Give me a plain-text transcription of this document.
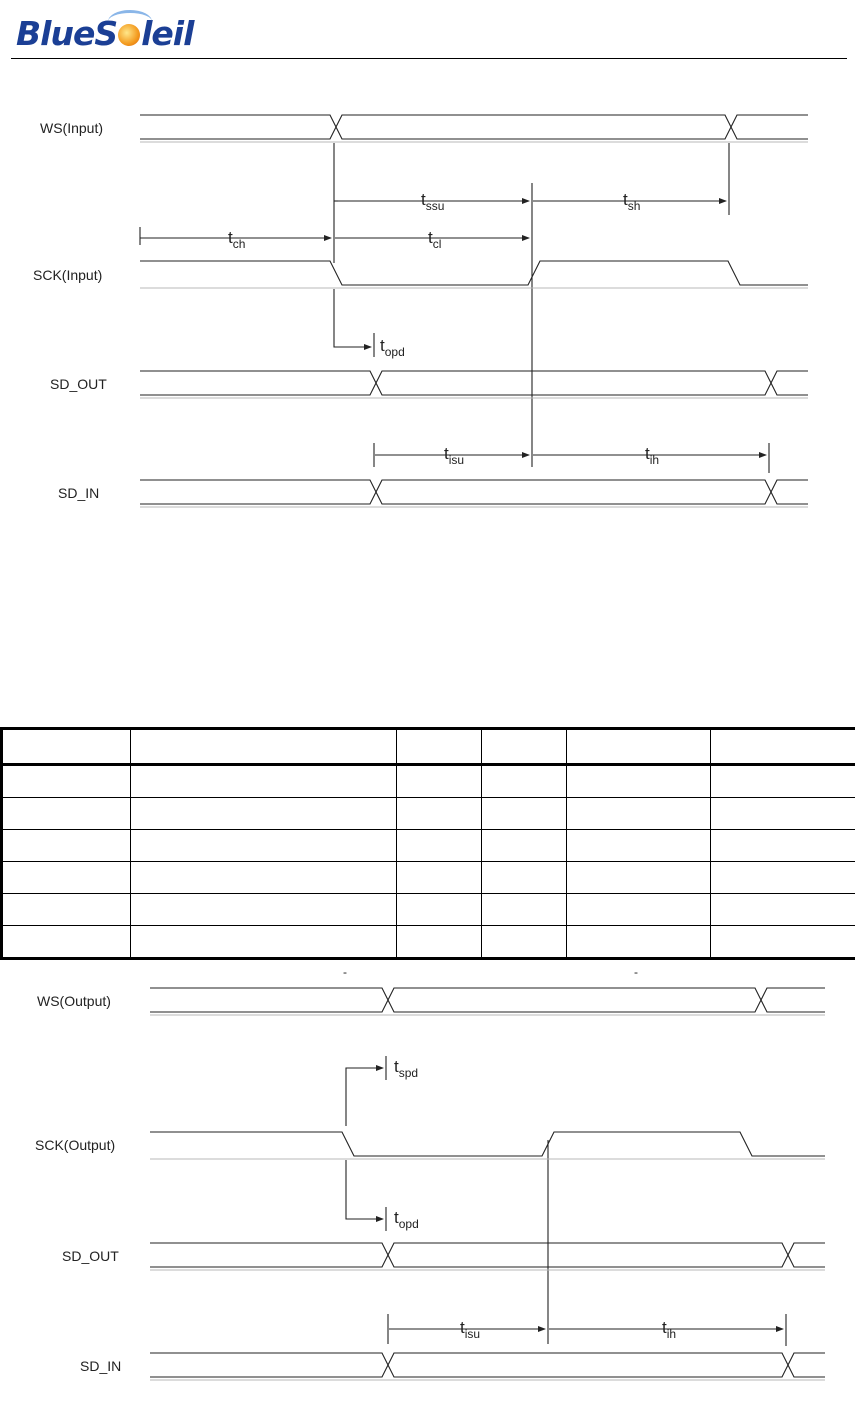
BlueS leil
WS(Input)
SCK(Input)
SD_OUT
SD_IN
$t_{ssu}$	$t_{sh}$
$t_{ch}$	$t_{cl}$
$t_{opd}$
$t_{isu}$	$t_{ih}$

-	-
WS(Output)
SCK(Output)
SD_OUT
SD_IN
$t_{spd}$
$t_{opd}$
$t_{isu}$	$t_{ih}$
